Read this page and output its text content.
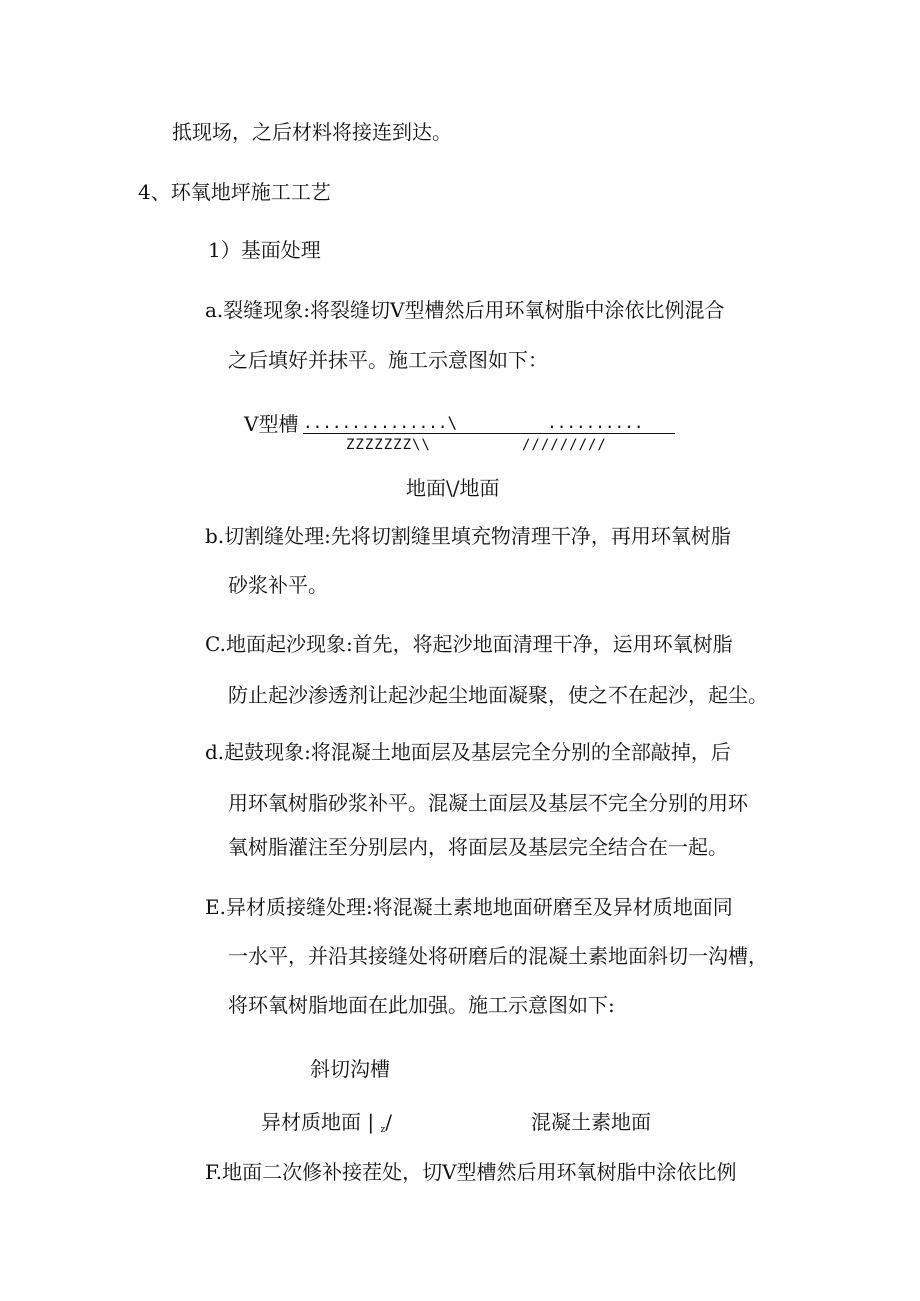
抵现场，之后材料将接连到达。
4、环氧地坪施工工艺
1）基面处理
a.裂缝现象:将裂缝切V型槽然后用环氧树脂中涂依比例混合
之后填好并抹平。施工示意图如下：
V型槽 ...............\	..........
ZZZZZZZ\\	/////////
地面\/地面
b.切割缝处理:先将切割缝里填充物清理干净，再用环氧树脂
砂浆补平。
C.地面起沙现象:首先，将起沙地面清理干净，运用环氧树脂
防止起沙渗透剂让起沙起尘地面凝聚，使之不在起沙，起尘。
d.起鼓现象:将混凝土地面层及基层完全分别的全部敲掉，后
用环氧树脂砂浆补平。混凝土面层及基层不完全分别的用环
氧树脂灌注至分别层内，将面层及基层完全结合在一起。
E.异材质接缝处理:将混凝土素地地面研磨至及异材质地面同
一水平，并沿其接缝处将研磨后的混凝土素地面斜切一沟槽，
将环氧树脂地面在此加强。施工示意图如下:
斜切沟槽
异材质地面 | $_z$/	混凝土素地面
F.地面二次修补接茬处，切V型槽然后用环氧树脂中涂依比例
